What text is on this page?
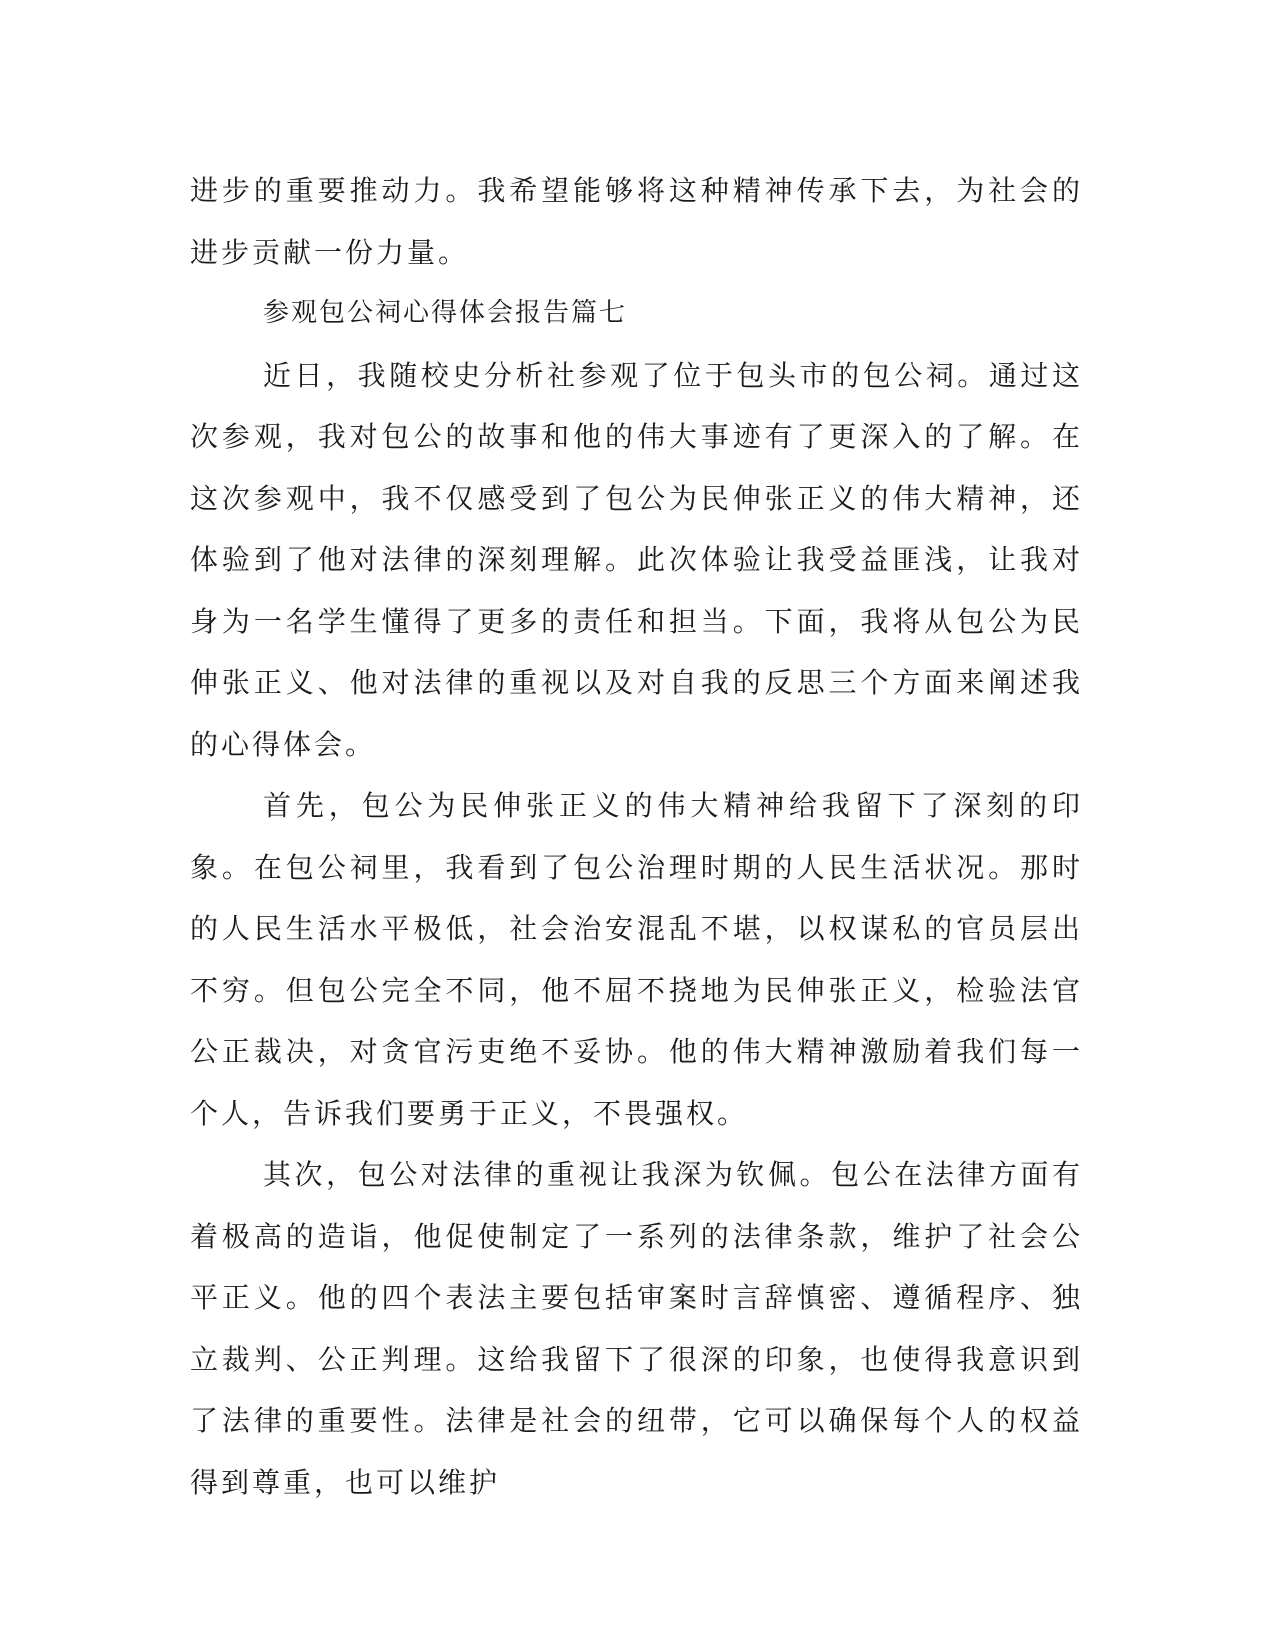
进步的重要推动力。我希望能够将这种精神传承下去，为社会的进步贡献一份力量。

参观包公祠心得体会报告篇七

近日，我随校史分析社参观了位于包头市的包公祠。通过这次参观，我对包公的故事和他的伟大事迹有了更深入的了解。在这次参观中，我不仅感受到了包公为民伸张正义的伟大精神，还体验到了他对法律的深刻理解。此次体验让我受益匪浅，让我对身为一名学生懂得了更多的责任和担当。下面，我将从包公为民伸张正义、他对法律的重视以及对自我的反思三个方面来阐述我的心得体会。

首先，包公为民伸张正义的伟大精神给我留下了深刻的印象。在包公祠里，我看到了包公治理时期的人民生活状况。那时的人民生活水平极低，社会治安混乱不堪，以权谋私的官员层出不穷。但包公完全不同，他不屈不挠地为民伸张正义，检验法官公正裁决，对贪官污吏绝不妥协。他的伟大精神激励着我们每一个人，告诉我们要勇于正义，不畏强权。

其次，包公对法律的重视让我深为钦佩。包公在法律方面有着极高的造诣，他促使制定了一系列的法律条款，维护了社会公平正义。他的四个表法主要包括审案时言辞慎密、遵循程序、独立裁判、公正判理。这给我留下了很深的印象，也使得我意识到了法律的重要性。法律是社会的纽带，它可以确保每个人的权益得到尊重，也可以维护
